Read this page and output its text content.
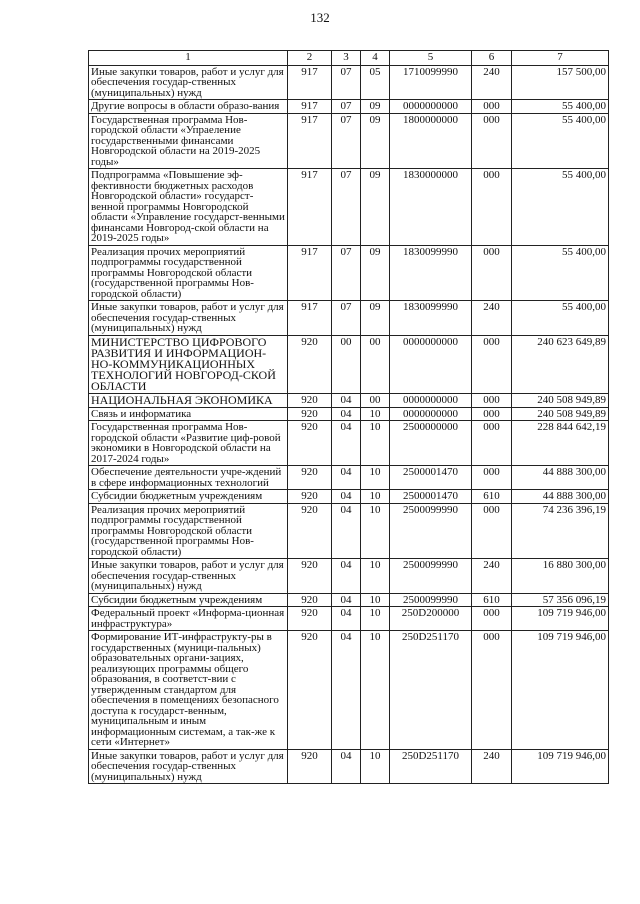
132
1	2	3	4	5	6	7
Иные закупки товаров, работ и услуг для обеспечения государ-ственных (муниципальных) нужд	917	07	05	1710099990	240	157 500,00
Другие вопросы в области образо-вания	917	07	09	0000000000	000	55 400,00
Государственная программа Нов-городской области «Упраеление государственными финансами Новгородской области на 2019-2025 годы»	917	07	09	1800000000	000	55 400,00
Подпрограмма «Повышение эф-фективности бюджетных расходов Новгородской области» государст-венной программы Новгородской области «Управление государст-венными финансами Новгород-ской области на 2019-2025 годы»	917	07	09	1830000000	000	55 400,00
Реализация прочих мероприятий подпрограммы государственной программы Новгородской области (государственной программы Нов-городской области)	917	07	09	1830099990	000	55 400,00
Иные закупки товаров, работ и услуг для обеспечения государ-ственных (муниципальных) нужд	917	07	09	1830099990	240	55 400,00
МИНИСТЕРСТВО ЦИФРОВОГО РАЗВИТИЯ И ИНФОРМАЦИОН-НО-КОММУНИКАЦИОННЫХ ТЕХНОЛОГИЙ НОВГОРОД-СКОЙ ОБЛАСТИ	920	00	00	0000000000	000	240 623 649,89
НАЦИОНАЛЬНАЯ ЭКОНОМИКА	920	04	00	0000000000	000	240 508 949,89
Связь и информатика	920	04	10	0000000000	000	240 508 949,89
Государственная программа Нов-городской области «Развитие циф-ровой экономики в Новгородской области на 2017-2024 годы»	920	04	10	2500000000	000	228 844 642,19
Обеспечение деятельности учре-ждений в сфере информационных технологий	920	04	10	2500001470	000	44 888 300,00
Субсидии бюджетным учреждениям	920	04	10	2500001470	610	44 888 300,00
Реализация прочих мероприятий подпрограммы государственной программы Новгородской области (государственной программы Нов-городской области)	920	04	10	2500099990	000	74 236 396,19
Иные закупки товаров, работ и услуг для обеспечения государ-ственных (муниципальных) нужд	920	04	10	2500099990	240	16 880 300,00
Субсидии бюджетным учреждениям	920	04	10	2500099990	610	57 356 096,19
Федеральный проект «Информа-ционная инфраструктура»	920	04	10	250D200000	000	109 719 946,00
Формирование ИТ-инфраструкту-ры в государственных (муници-пальных) образовательных органи-зациях, реализующих программы общего образования, в соответст-вии с утвержденным стандартом для обеспечения в помещениях безопасного доступа к государст-венным, муниципальным и иным информационным системам, а так-же к сети «Интернет»	920	04	10	250D251170	000	109 719 946,00
Иные закупки товаров, работ и услуг для обеспечения государ-ственных (муниципальных) нужд	920	04	10	250D251170	240	109 719 946,00
